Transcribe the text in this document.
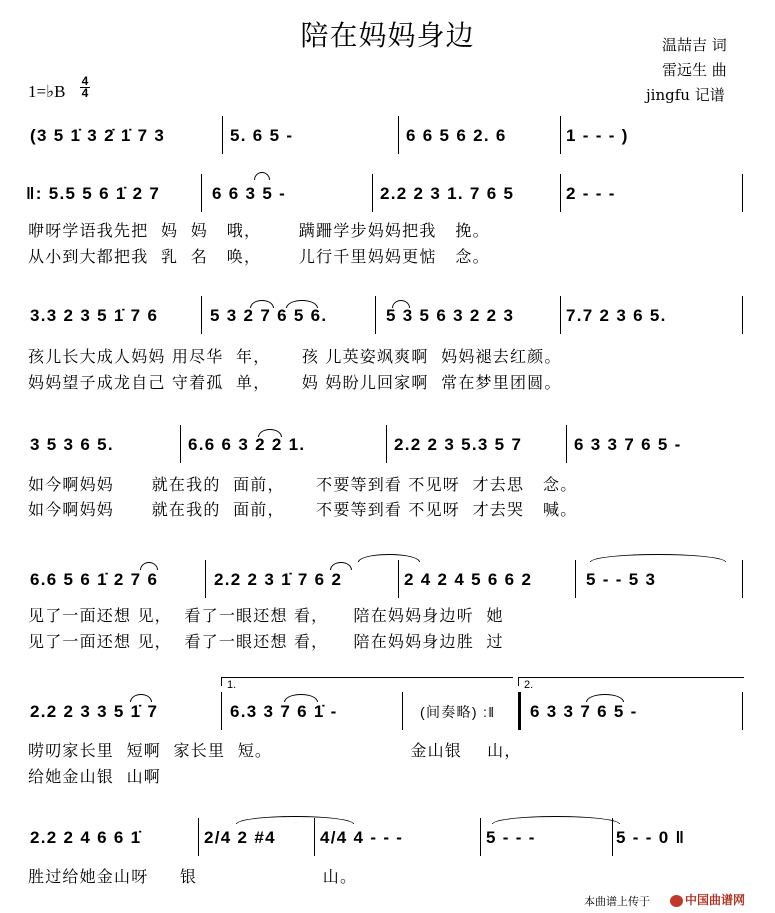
陪在妈妈身边	温喆吉 词
雷远生 曲
jingfu 记谱
1=♭B
4
4
(3 5 1̇ 3 2̇ 1̇ 7 3	5. 6 5 -	6 6 5 6 2. 6	1 - - - )
‖: 5.5 5 6 1̇ 2 7	6 6 3 5 -	2.2 2 3 1. 7 6 5	2 - - -
咿呀学语我先把  妈  妈   哦，      蹒跚学步妈妈把我   挽。
从小到大都把我  乳  名   唤，      儿行千里妈妈更惦   念。
3.3 2 3 5 1̇ 7 6	5 3 2 7 6 5 6.	5 3 5 6 3 2 2 3	7.7 2 3 6 5.
孩儿长大成人妈妈 用尽华  年，     孩 儿英姿飒爽啊  妈妈褪去红颜。
妈妈望子成龙自己 守着孤  单，     妈 妈盼儿回家啊  常在梦里团圆。
3 5 3 6 5.	6.6 6 3 2 2 1.	2.2 2 3 5.3 5 7	6 3 3 7 6 5 -
如今啊妈妈      就在我的  面前，     不要等到看 不见呀  才去思   念。
如今啊妈妈      就在我的  面前，     不要等到看 不见呀  才去哭   喊。
6.6 5 6 1̇ 2 7 6	2.2 2 3 1̇ 7 6 2	2 4 2 4 5 6 6 2	5 - - 5 3
见了一面还想 见，  看了一眼还想 看，    陪在妈妈身边听  她
见了一面还想 见，  看了一眼还想 看，    陪在妈妈身边胜  过
1.	2.
2.2 2 3 3 5 1̇ 7	6.3 3 7 6 1̇ -	(间奏略) :‖ 6 3 3 7 6 5 -
唠叨家长里  短啊  家长里  短。                      金山银    山，
给她金山银  山啊
2.2 2 4 6 6 1̇	2/4 2 #4	4/4 4 - - -	5 - - -	5 - - 0 ‖
胜过给她金山呀     银                    山。
本曲谱上传于	中国曲谱网
